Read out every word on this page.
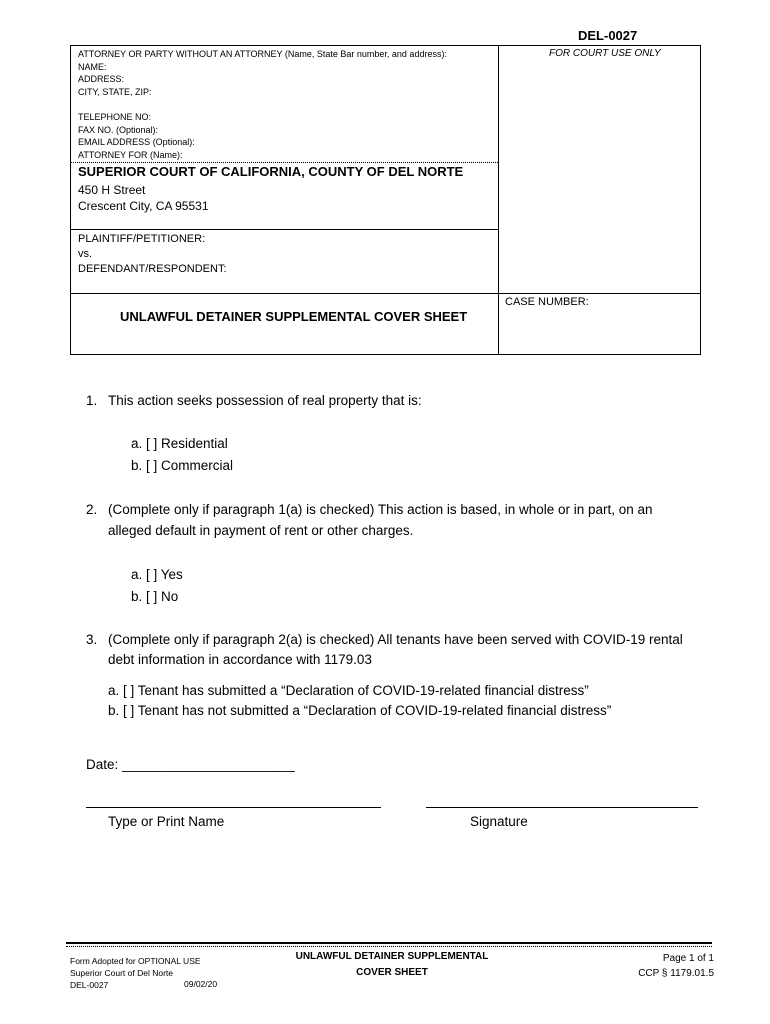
DEL-0027
ATTORNEY OR PARTY WITHOUT AN ATTORNEY (Name, State Bar number, and address):
NAME:
ADDRESS:
CITY, STATE, ZIP:
TELEPHONE NO:
FAX NO. (Optional):
EMAIL ADDRESS (Optional):
ATTORNEY FOR (Name):
FOR COURT USE ONLY
SUPERIOR COURT OF CALIFORNIA, COUNTY OF DEL NORTE
450 H Street
Crescent City, CA 95531
PLAINTIFF/PETITIONER:
vs.
DEFENDANT/RESPONDENT:
UNLAWFUL DETAINER SUPPLEMENTAL COVER SHEET
CASE NUMBER:
1. This action seeks possession of real property that is:
a. [ ] Residential
b. [ ] Commercial
2. (Complete only if paragraph 1(a) is checked) This action is based, in whole or in part, on an
alleged default in payment of rent or other charges.
a. [ ] Yes
b. [ ] No
3. (Complete only if paragraph 2(a) is checked) All tenants have been served with COVID-19 rental
debt information in accordance with 1179.03
a. [ ] Tenant has submitted a “Declaration of COVID-19-related financial distress”
b. [ ] Tenant has not submitted a “Declaration of COVID-19-related financial distress”
Date: _______________________
Type or Print Name	Signature
Form Adopted for OPTIONAL USE
Superior Court of Del Norte
DEL-0027	09/02/20
UNLAWFUL DETAINER SUPPLEMENTAL
COVER SHEET
Page 1 of 1
CCP § 1179.01.5
